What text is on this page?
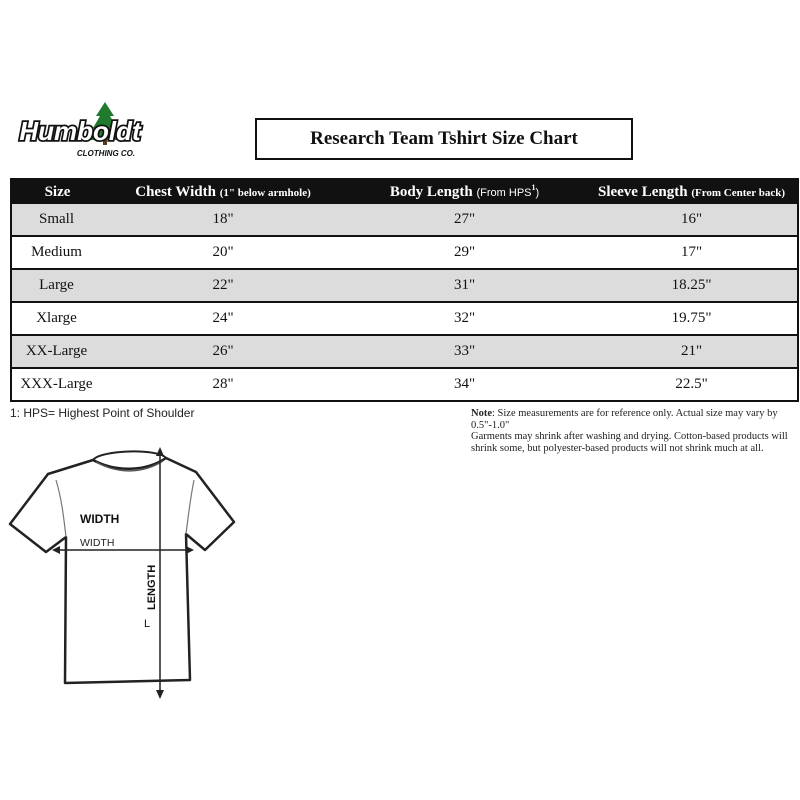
Humboldt
CLOTHING CO.
Research Team Tshirt Size Chart
Size	Chest Width (1" below armhole)	Body Length (From HPS$^1$)	Sleeve Length (From Center back)
Small	18"	27"	16"
Medium	20"	29"	17"
Large	22"	31"	18.25"
Xlarge	24"	32"	19.75"
XX-Large	26"	33"	21"
XXX-Large	28"	34"	22.5"
1: HPS= Highest Point of Shoulder	Note: Size measurements are for reference only. Actual size may vary by 0.5"-1.0"
Garments may shrink after washing and drying. Cotton-based products will shrink some, but polyester-based products will not shrink much at all.
WIDTH
WIDTH
LENGTH
L
